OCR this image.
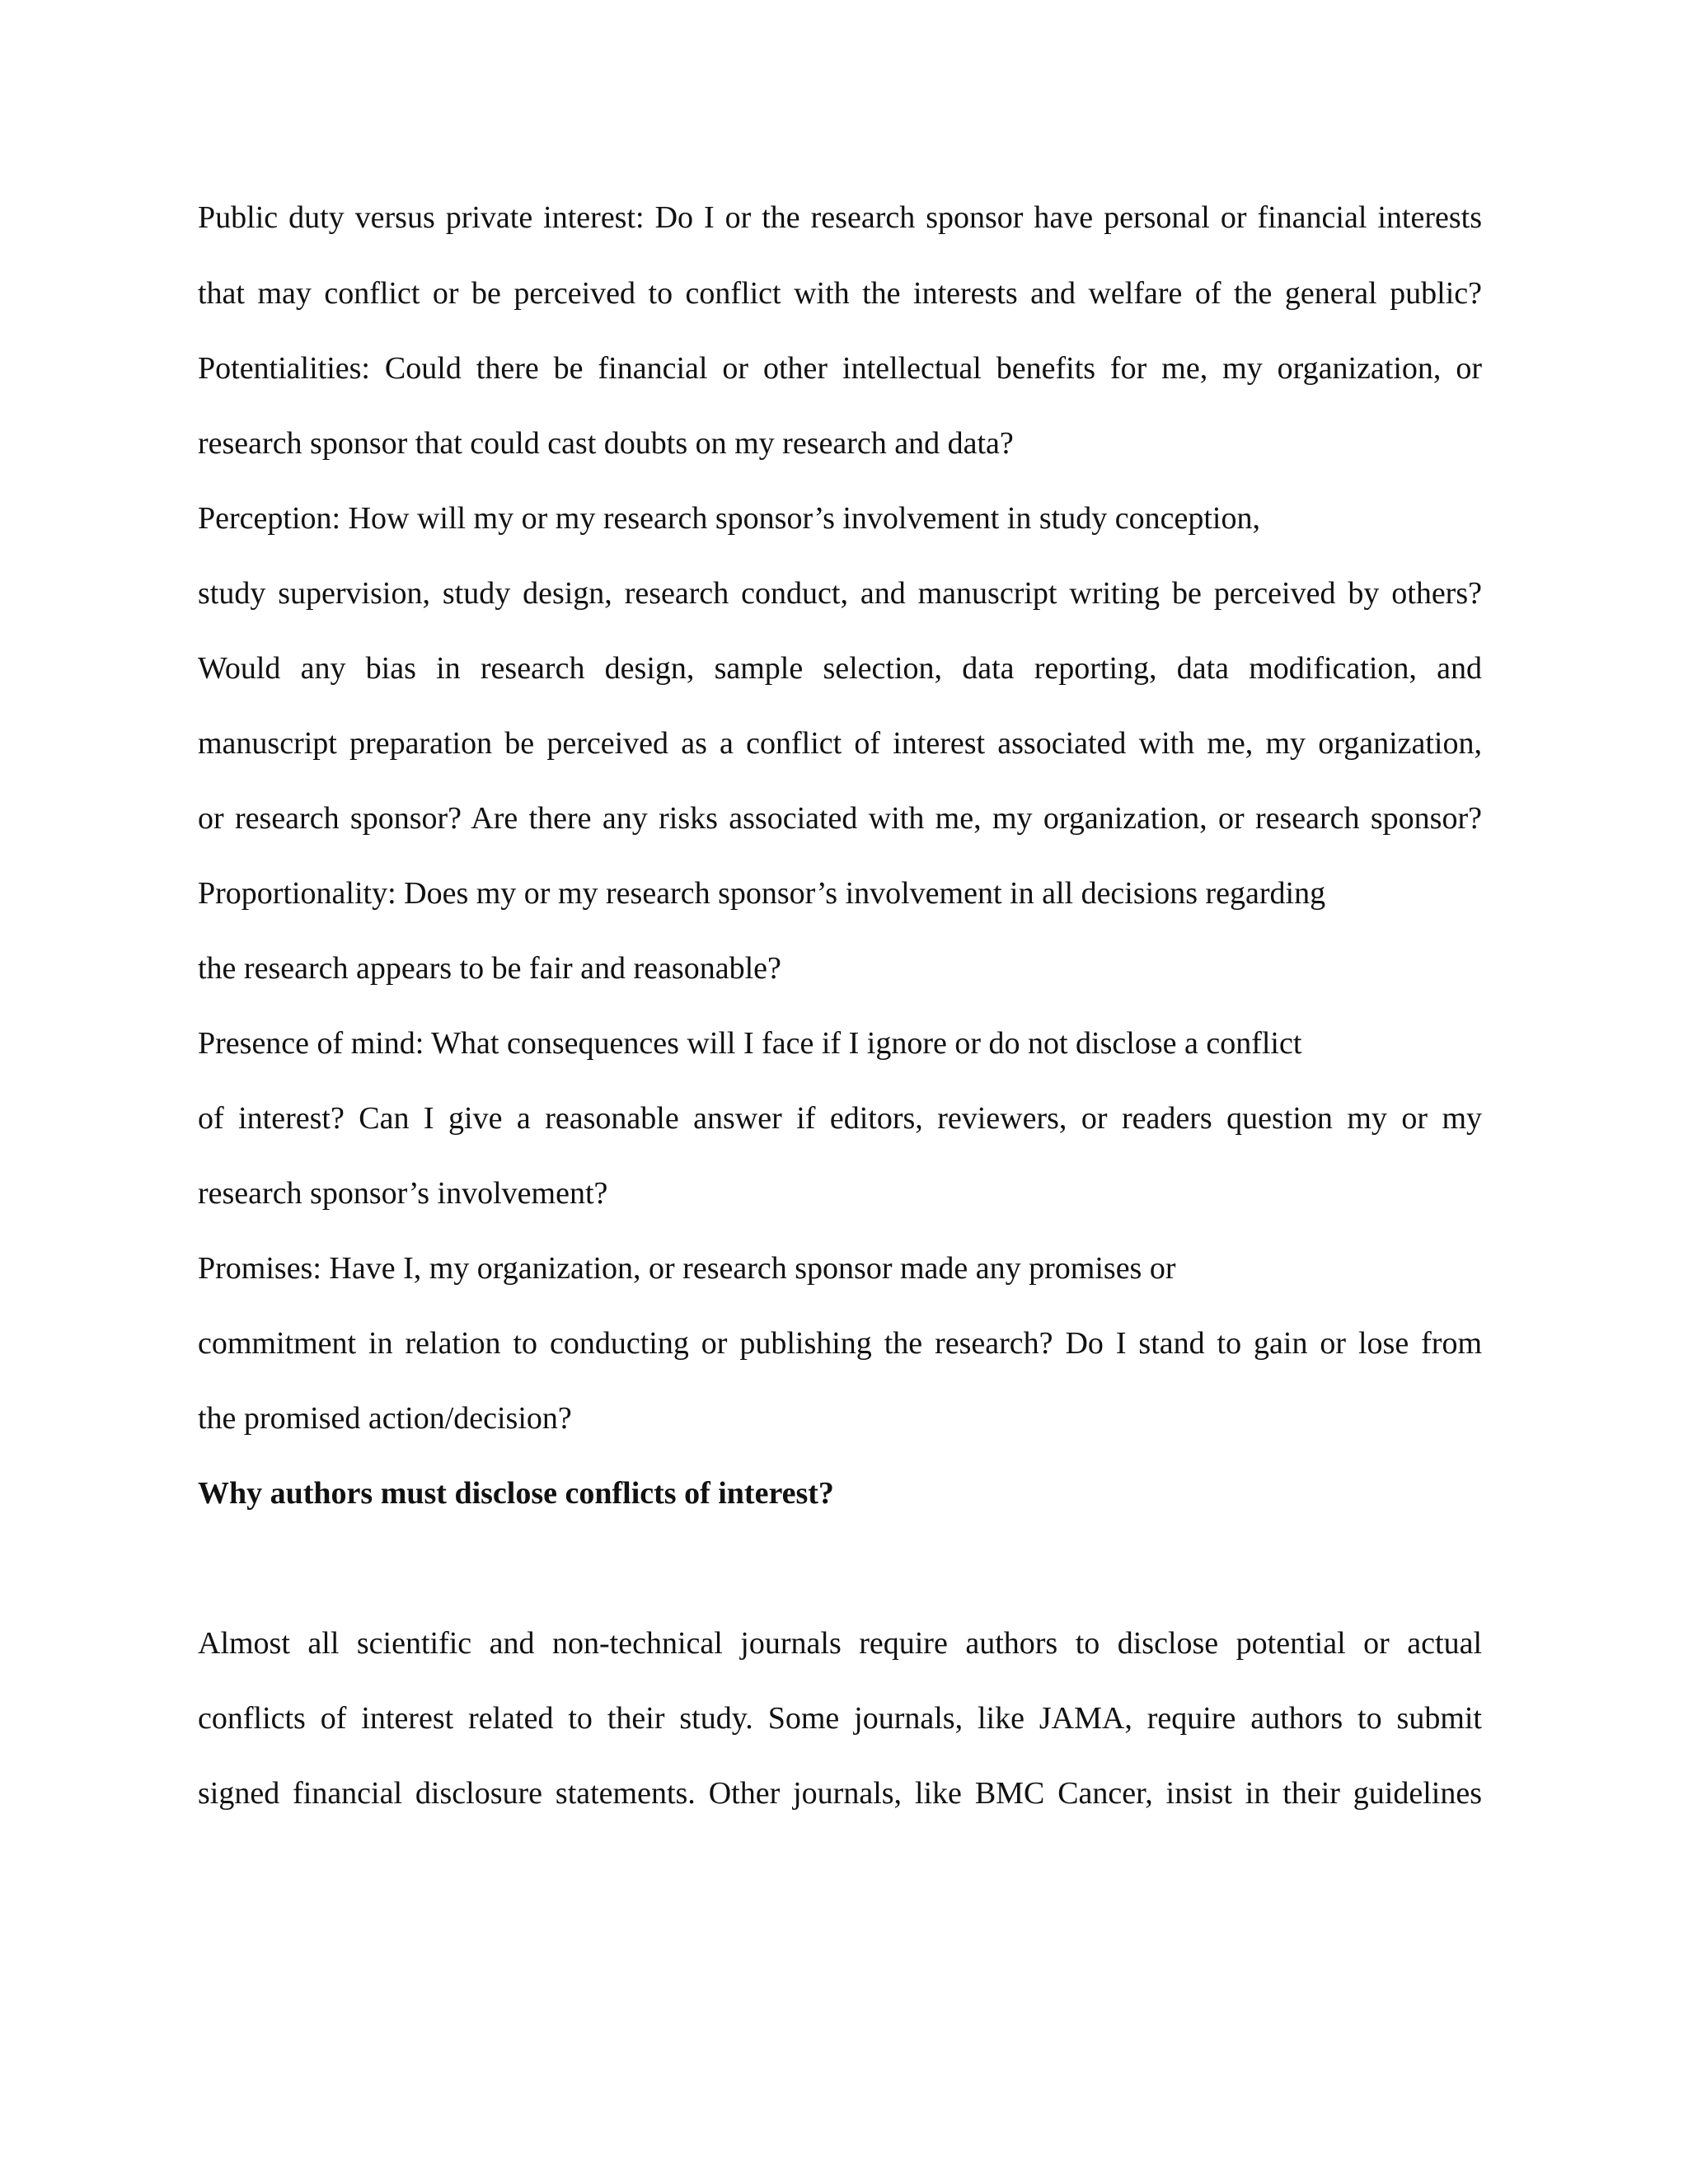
Public duty versus private interest: Do I or the research sponsor have personal or financial interests
that may conflict or be perceived to conflict with the interests and welfare of the general public?
Potentialities: Could there be financial or other intellectual benefits for me, my organization, or
research sponsor that could cast doubts on my research and data?
Perception: How will my or my research sponsor’s involvement in study conception,
study supervision, study design, research conduct, and manuscript writing be perceived by others?
Would any bias in research design, sample selection, data reporting, data modification, and
manuscript preparation be perceived as a conflict of interest associated with me, my organization,
or research sponsor? Are there any risks associated with me, my organization, or research sponsor?
Proportionality: Does my or my research sponsor’s involvement in all decisions regarding
the research appears to be fair and reasonable?
Presence of mind: What consequences will I face if I ignore or do not disclose a conflict
of interest? Can I give a reasonable answer if editors, reviewers, or readers question my or my
research sponsor’s involvement?
Promises: Have I, my organization, or research sponsor made any promises or
commitment in relation to conducting or publishing the research? Do I stand to gain or lose from
the promised action/decision?
Why authors must disclose conflicts of interest?
Almost all scientific and non-technical journals require authors to disclose potential or actual
conflicts of interest related to their study. Some journals, like JAMA, require authors to submit
signed financial disclosure statements. Other journals, like BMC Cancer, insist in their guidelines
